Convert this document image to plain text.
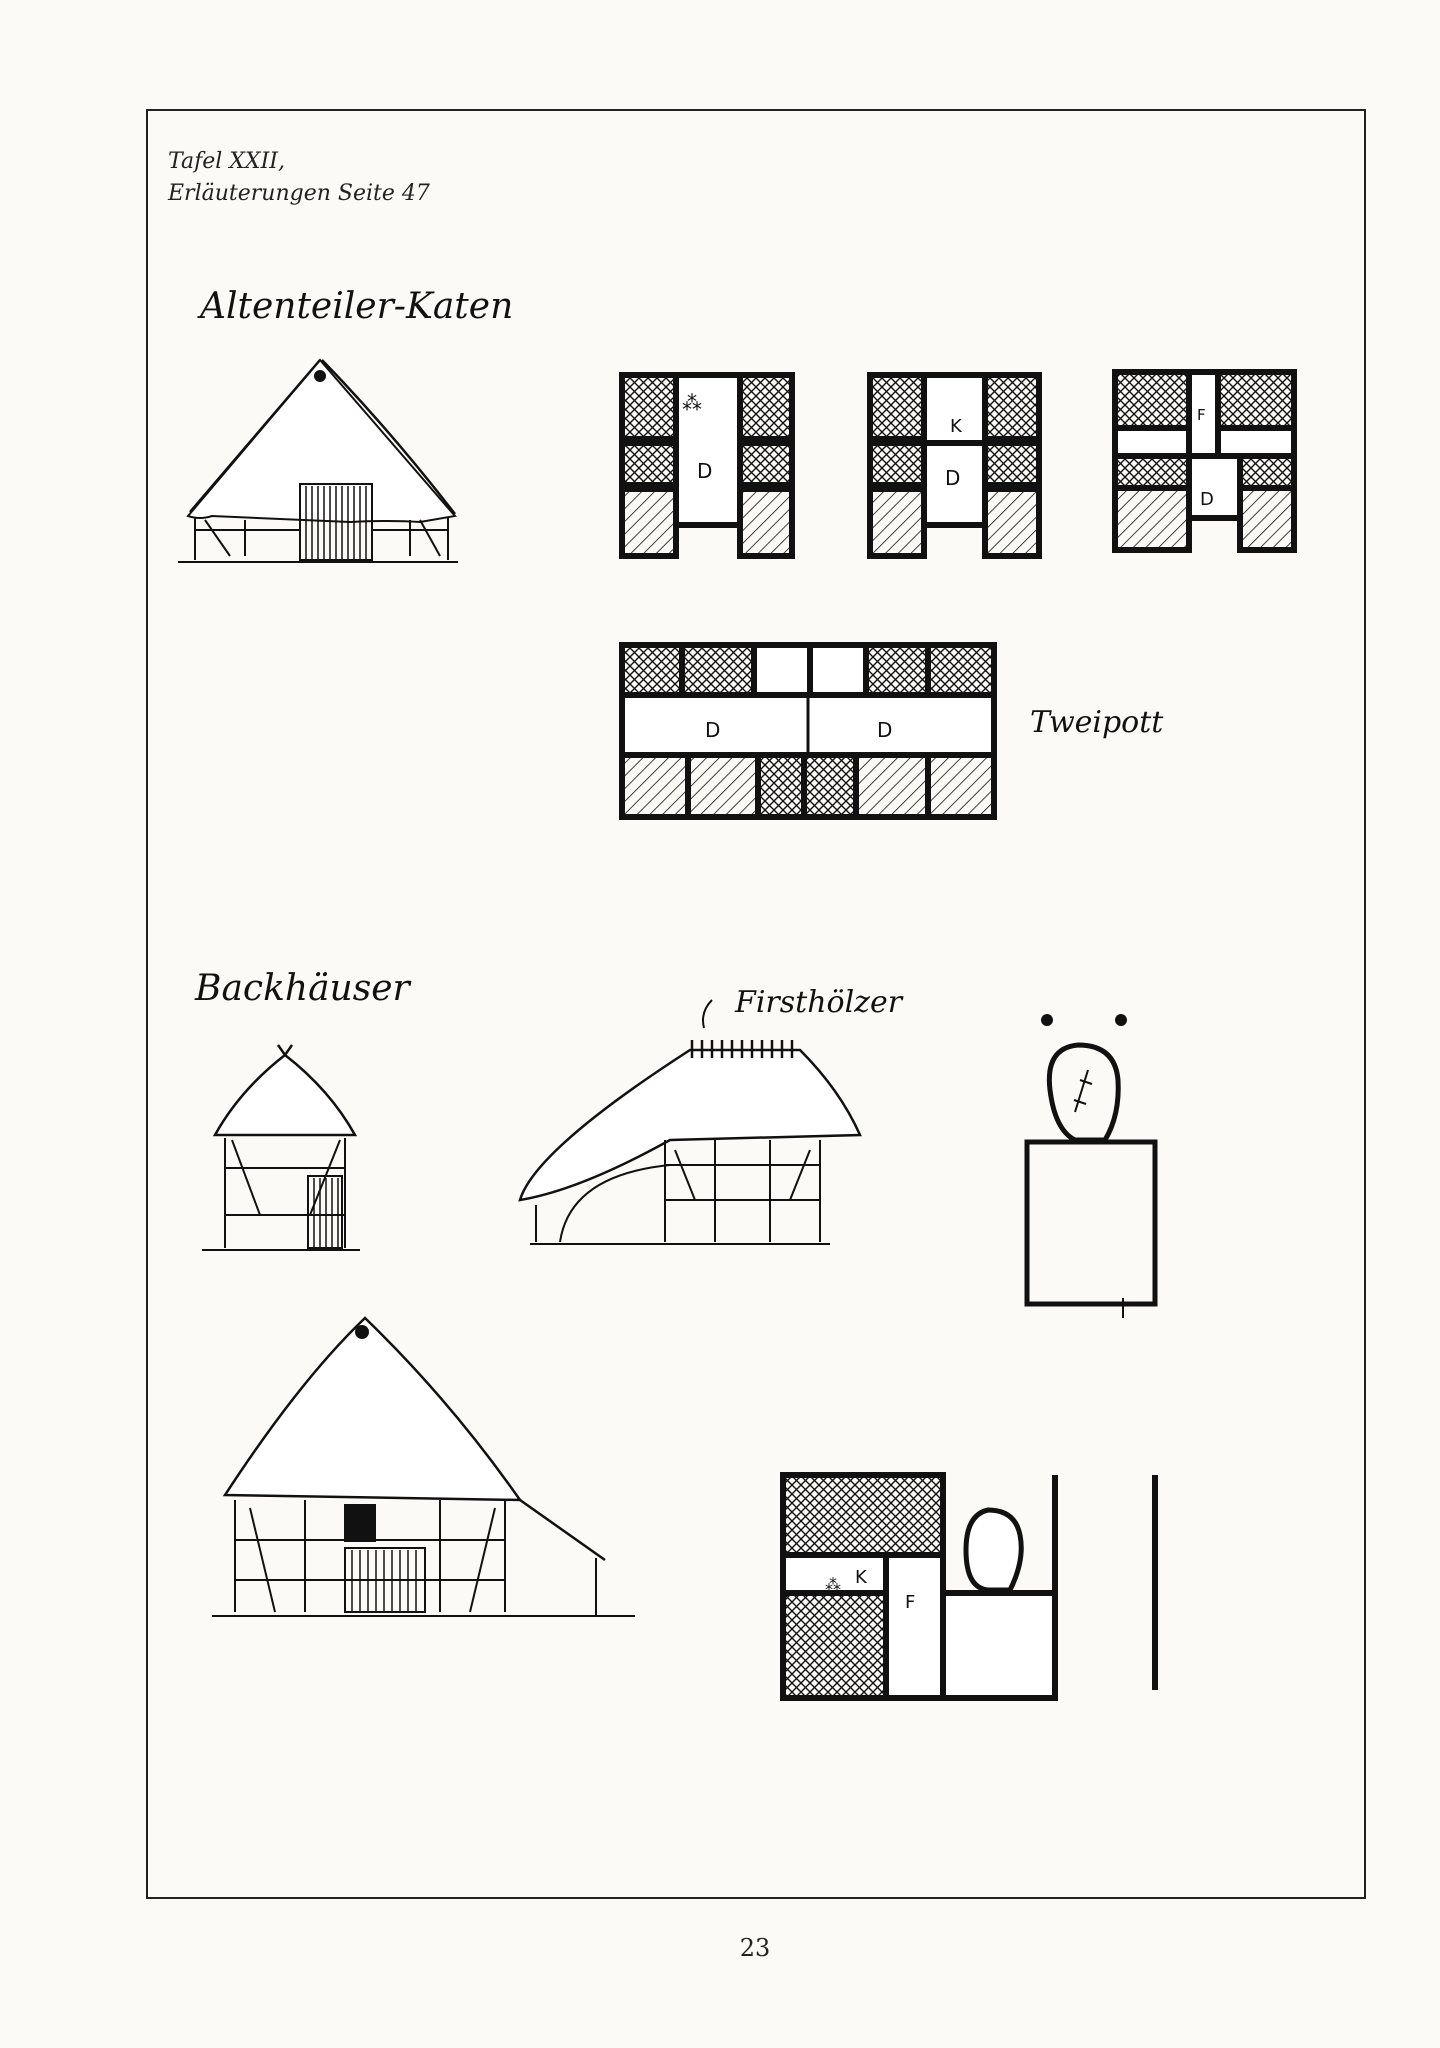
Tafel XXII,
Erläuterungen Seite 47
Altenteiler-Katen
D
⁂
K
D
F
D
D	D	Tweipott
Backhäuser	Firsthölzer
K
F
⁂
23
